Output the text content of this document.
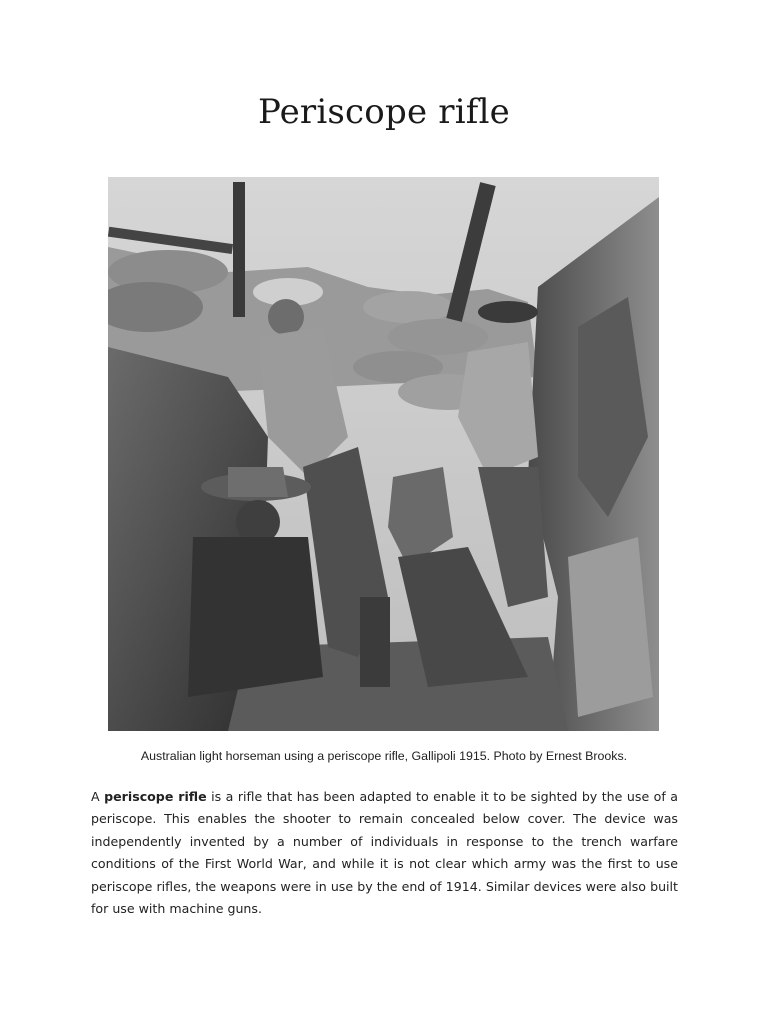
Periscope rifle
Australian light horseman using a periscope rifle, Gallipoli 1915. Photo by Ernest Brooks.

A periscope rifle is a rifle that has been adapted to enable it to be sighted by the use of a periscope. This enables the shooter to remain concealed below cover. The device was independently invented by a number of individuals in response to the trench warfare conditions of the First World War, and while it is not clear which army was the first to use periscope rifles, the weapons were in use by the end of 1914. Similar devices were also built for use with machine guns.
